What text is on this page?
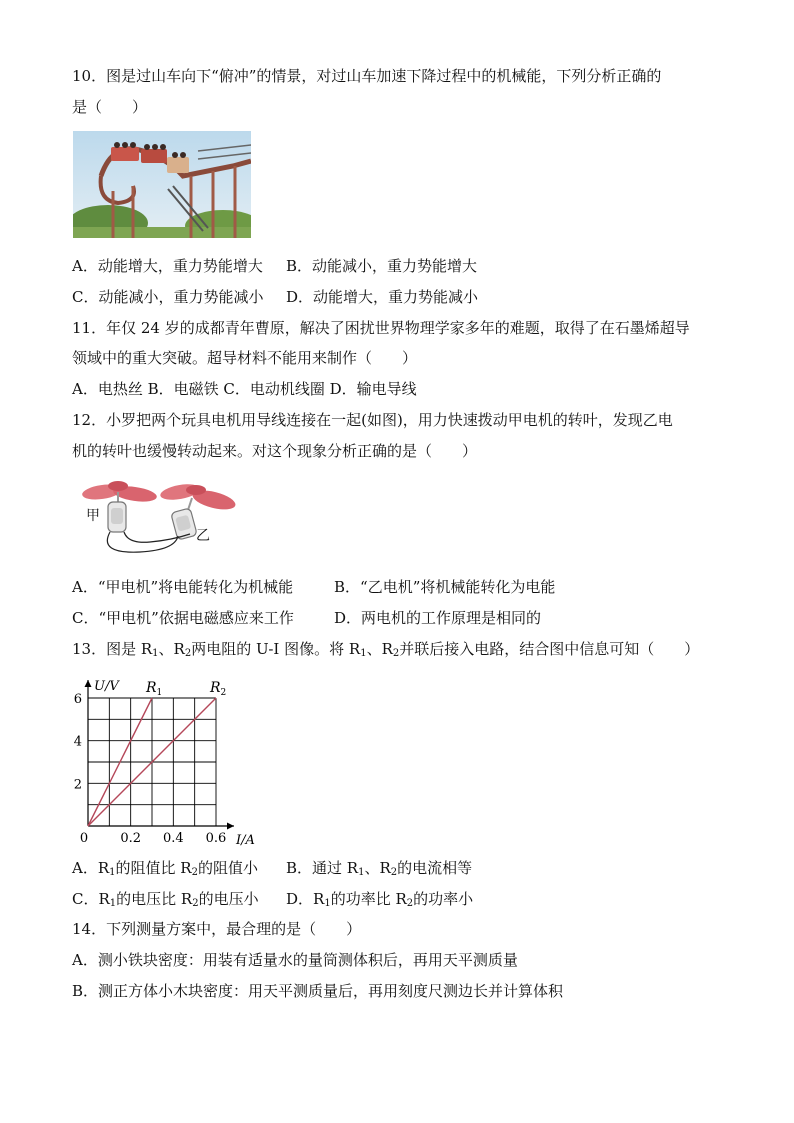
10．图是过山车向下“俯冲”的情景，对过山车加速下降过程中的机械能，下列分析正确的
是（　　）
A．动能增大，重力势能增大 B．动能减小，重力势能增大
C．动能减小，重力势能减小 D．动能增大，重力势能减小
11．年仅 24 岁的成都青年曹原，解决了困扰世界物理学家多年的难题，取得了在石墨烯超导
领域中的重大突破。超导材料不能用来制作（　　）
A．电热丝 B．电磁铁 C．电动机线圈 D．输电导线
12．小罗把两个玩具电机用导线连接在一起(如图)，用力快速拨动甲电机的转叶，发现乙电
机的转叶也缓慢转动起来。对这个现象分析正确的是（　　）
甲
乙
A．“甲电机”将电能转化为机械能	B．“乙电机”将机械能转化为电能
C．“甲电机”依据电磁感应来工作	D．两电机的工作原理是相同的
13．图是 $R_1$、$R_2$两电阻的 U-I 图像。将 $R_1$、$R_2$并联后接入电路，结合图中信息可知（　　）
$R_1$	$R_2$
0 0.2 0.4 0.6
2
4
6
U/V
I/A
A．$R_1$的阻值比 $R_2$的阻值小 B．通过 $R_1$、$R_2$的电流相等
C．$R_1$的电压比 $R_2$的电压小 D．$R_1$的功率比 $R_2$的功率小
14．下列测量方案中，最合理的是（　　）
A．测小铁块密度：用装有适量水的量筒测体积后，再用天平测质量
B．测正方体小木块密度：用天平测质量后，再用刻度尺测边长并计算体积
